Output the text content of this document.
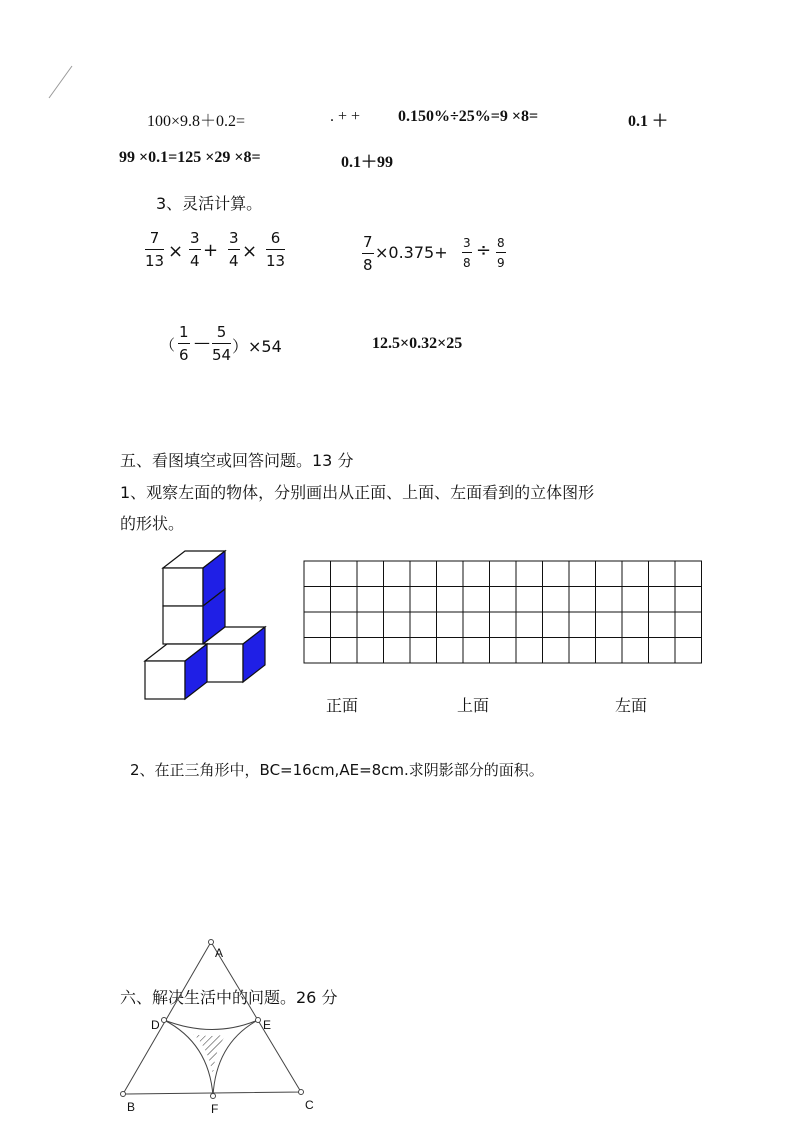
100×9.8＋0.2=	. + + 0.150%÷25%=9 ×8=	0.1 ＋
99 ×0.1=125 ×29 ×8=	0.1＋99
3、灵活计算。
$\frac{7}{13} \times \frac{3}{4} + \frac{3}{4} \times \frac{6}{13}$	$\frac{7}{8} \times 0.375+ \frac{3}{8} \div \frac{8}{9}$
（ $\frac{1}{6}$ — $\frac{5}{54} )\times 54$	12.5×0.32×25
五、看图填空或回答问题。13 分
1、观察左面的物体，分别画出从正面、上面、左面看到的立体图形
的形状。
正面	上面	左面
2、在正三角形中，BC=16cm,AE=8cm.求阴影部分的面积。
六、解决生活中的问题。26 分
A
B	C
D	E
F
